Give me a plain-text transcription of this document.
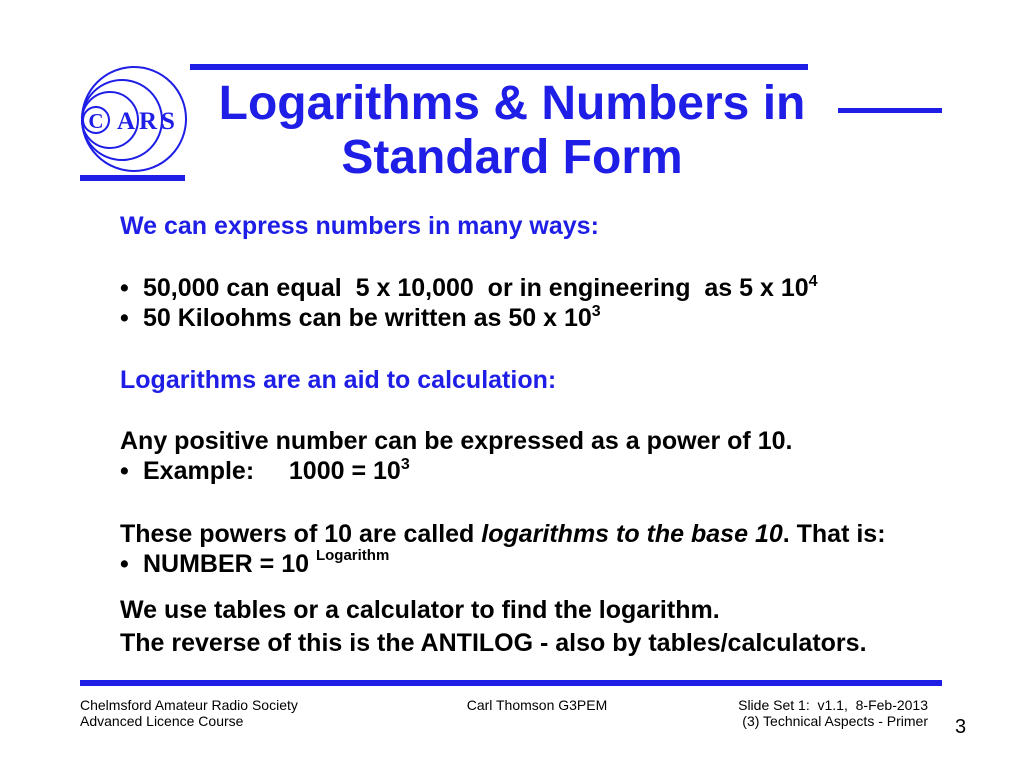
C A R S Logarithms & Numbers in
Standard Form
We can express numbers in many ways:
• 50,000 can equal  5 x 10,000  or in engineering  as 5 x 10 4
• 50 Kiloohms can be written as 50 x 10 3
Logarithms are an aid to calculation:
Any positive number can be expressed as a power of 10.
• Example:     1000 = 10 3
These powers of 10 are called logarithms to the base 10 . That is:
• NUMBER = 10 Logarithm
We use tables or a calculator to find the logarithm.
The reverse of this is the ANTILOG - also by tables/calculators.
Chelmsford Amateur Radio Society
Advanced Licence Course
Carl Thomson G3PEM	Slide Set 1:  v1.1,  8-Feb-2013
(3) Technical Aspects - Primer 3
